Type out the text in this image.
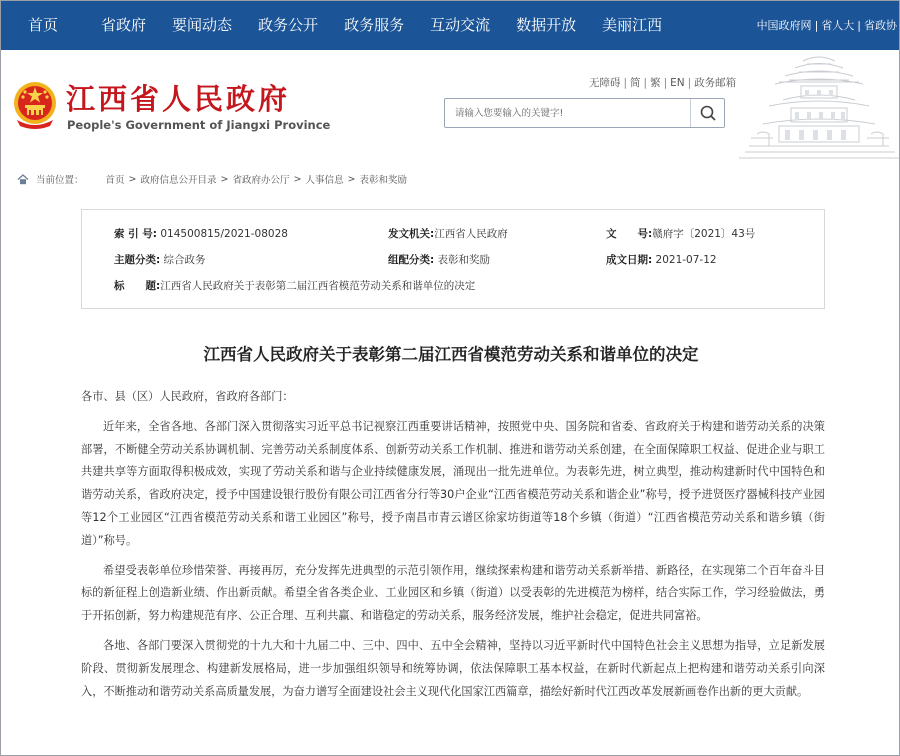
首页	省政府	要闻动态	政务公开	政务服务	互动交流	数据开放	美丽江西	中国政府网 | 省人大 | 省政协
江西省人民政府
People's Government of Jiangxi Province
无障碍 | 简 | 繁 | EN | 政务邮箱
请输入您要输入的关键字!
当前位置： 首页 > 政府信息公开目录 > 省政府办公厅 > 人事信息 > 表彰和奖励
索 引 号: 014500815/2021-08028	发文机关:江西省人民政府	文　　号:赣府字〔2021〕43号
主题分类: 综合政务	组配分类: 表彰和奖励	成文日期: 2021-07-12
标　　题:江西省人民政府关于表彰第二届江西省模范劳动关系和谐单位的决定
江西省人民政府关于表彰第二届江西省模范劳动关系和谐单位的决定

各市、县（区）人民政府，省政府各部门：

近年来，全省各地、各部门深入贯彻落实习近平总书记视察江西重要讲话精神，按照党中央、国务院和省委、省政府关于构建和谐劳动关系的决策部署，不断健全劳动关系协调机制、完善劳动关系制度体系、创新劳动关系工作机制、推进和谐劳动关系创建，在全面保障职工权益、促进企业与职工共建共享等方面取得积极成效，实现了劳动关系和谐与企业持续健康发展，涌现出一批先进单位。为表彰先进，树立典型，推动构建新时代中国特色和谐劳动关系，省政府决定，授予中国建设银行股份有限公司江西省分行等30户企业“江西省模范劳动关系和谐企业”称号，授予进贤医疗器械科技产业园等12个工业园区“江西省模范劳动关系和谐工业园区”称号，授予南昌市青云谱区徐家坊街道等18个乡镇（街道）“江西省模范劳动关系和谐乡镇（街道）”称号。

希望受表彰单位珍惜荣誉、再接再厉，充分发挥先进典型的示范引领作用，继续探索构建和谐劳动关系新举措、新路径，在实现第二个百年奋斗目标的新征程上创造新业绩、作出新贡献。希望全省各类企业、工业园区和乡镇（街道）以受表彰的先进模范为榜样，结合实际工作，学习经验做法，勇于开拓创新，努力构建规范有序、公正合理、互利共赢、和谐稳定的劳动关系，服务经济发展，维护社会稳定，促进共同富裕。

各地、各部门要深入贯彻党的十九大和十九届二中、三中、四中、五中全会精神，坚持以习近平新时代中国特色社会主义思想为指导，立足新发展阶段、贯彻新发展理念、构建新发展格局，进一步加强组织领导和统筹协调，依法保障职工基本权益，在新时代新起点上把构建和谐劳动关系引向深入，不断推动和谐劳动关系高质量发展，为奋力谱写全面建设社会主义现代化国家江西篇章，描绘好新时代江西改革发展新画卷作出新的更大贡献。
